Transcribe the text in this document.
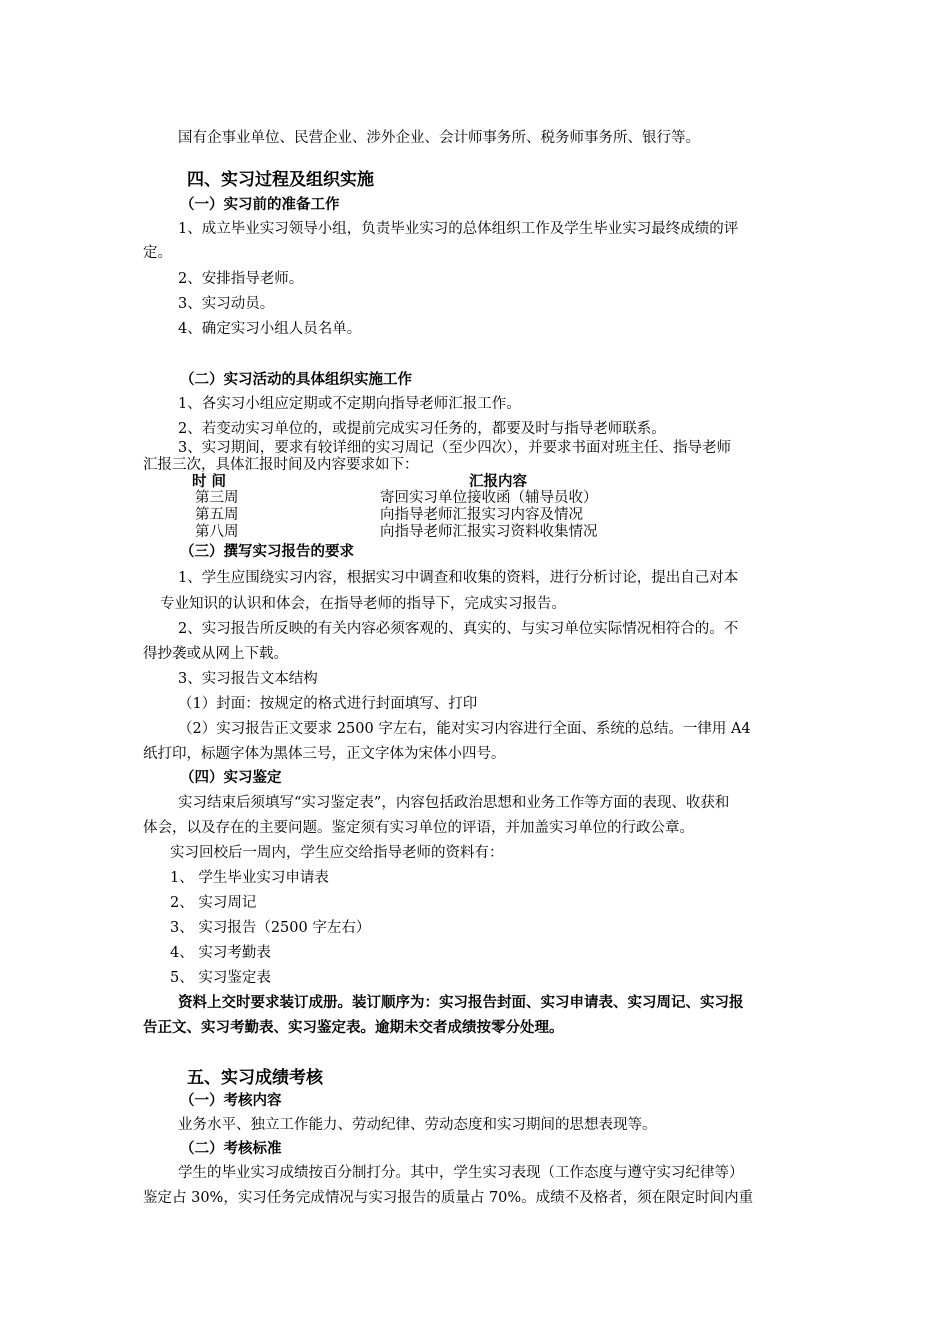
国有企事业单位、民营企业、涉外企业、会计师事务所、税务师事务所、银行等。
四、实习过程及组织实施
（一）实习前的准备工作
1、成立毕业实习领导小组，负责毕业实习的总体组织工作及学生毕业实习最终成绩的评
定。
2、安排指导老师。
3、实习动员。
4、确定实习小组人员名单。
（二）实习活动的具体组织实施工作
1、各实习小组应定期或不定期向指导老师汇报工作。
2、若变动实习单位的，或提前完成实习任务的，都要及时与指导老师联系。
3、实习期间，要求有较详细的实习周记（至少四次），并要求书面对班主任、指导老师
汇报三次，具体汇报时间及内容要求如下：
时 间	汇报内容
第三周	寄回实习单位接收函（辅导员收）
第五周	向指导老师汇报实习内容及情况
第八周	向指导老师汇报实习资料收集情况
（三）撰写实习报告的要求
1、学生应围绕实习内容，根据实习中调查和收集的资料，进行分析讨论，提出自己对本
专业知识的认识和体会，在指导老师的指导下，完成实习报告。
2、实习报告所反映的有关内容必须客观的、真实的、与实习单位实际情况相符合的。不
得抄袭或从网上下载。
3、实习报告文本结构
（1）封面：按规定的格式进行封面填写、打印
（2）实习报告正文要求 2500 字左右，能对实习内容进行全面、系统的总结。一律用 A4
纸打印，标题字体为黑体三号，正文字体为宋体小四号。
（四）实习鉴定
实习结束后须填写“实习鉴定表”，内容包括政治思想和业务工作等方面的表现、收获和
体会，以及存在的主要问题。鉴定须有实习单位的评语，并加盖实习单位的行政公章。
实习回校后一周内，学生应交给指导老师的资料有：
1、 学生毕业实习申请表
2、 实习周记
3、 实习报告（2500 字左右）
4、 实习考勤表
5、 实习鉴定表
资料上交时要求装订成册。装订顺序为：实习报告封面、实习申请表、实习周记、实习报
告正文、实习考勤表、实习鉴定表。逾期未交者成绩按零分处理。
五、实习成绩考核
（一）考核内容
业务水平、独立工作能力、劳动纪律、劳动态度和实习期间的思想表现等。
（二）考核标准
学生的毕业实习成绩按百分制打分。其中，学生实习表现（工作态度与遵守实习纪律等）
鉴定占 30%，实习任务完成情况与实习报告的质量占 70%。成绩不及格者，须在限定时间内重
